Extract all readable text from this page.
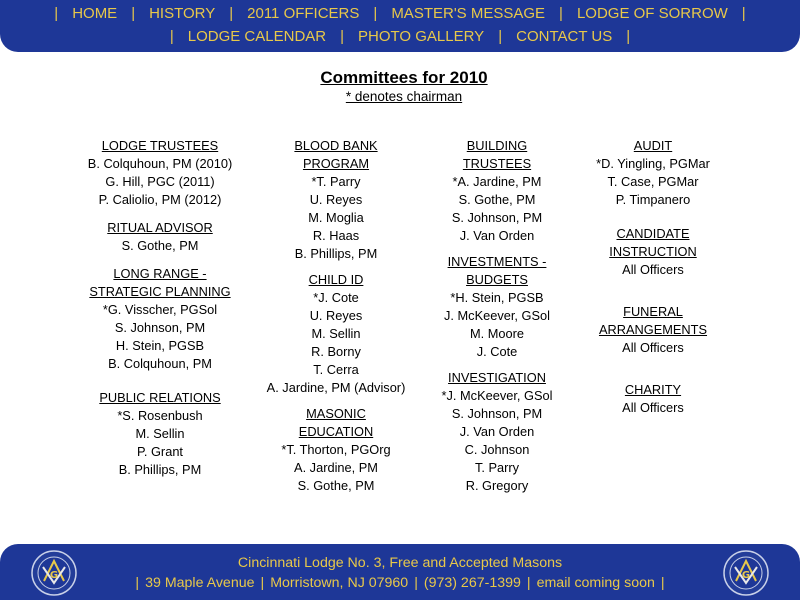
| HOME | HISTORY | 2011 OFFICERS | MASTER'S MESSAGE | LODGE OF SORROW |
| LODGE CALENDAR | PHOTO GALLERY | CONTACT US |
Committees for 2010
* denotes chairman
LODGE TRUSTEES
B. Colquhoun, PM (2010)
G. Hill, PGC (2011)
P. Caliolio, PM (2012)
RITUAL ADVISOR
S. Gothe, PM
LONG RANGE -
STRATEGIC PLANNING
*G. Visscher, PGSol
S. Johnson, PM
H. Stein, PGSB
B. Colquhoun, PM
PUBLIC RELATIONS
*S. Rosenbush
M. Sellin
P. Grant
B. Phillips, PM
BLOOD BANK
PROGRAM
*T. Parry
U. Reyes
M. Moglia
R. Haas
B. Phillips, PM
CHILD ID
*J. Cote
U. Reyes
M. Sellin
R. Borny
T. Cerra
A. Jardine, PM (Advisor)
MASONIC
EDUCATION
*T. Thorton, PGOrg
A. Jardine, PM
S. Gothe, PM
BUILDING
TRUSTEES
*A. Jardine, PM
S. Gothe, PM
S. Johnson, PM
J. Van Orden
INVESTMENTS -
BUDGETS
*H. Stein, PGSB
J. McKeever, GSol
M. Moore
J. Cote
INVESTIGATION
*J. McKeever, GSol
S. Johnson, PM
J. Van Orden
C. Johnson
T. Parry
R. Gregory
AUDIT
*D. Yingling, PGMar
T. Case, PGMar
P. Timpanero
CANDIDATE
INSTRUCTION
All Officers
FUNERAL
ARRANGEMENTS
All Officers
CHARITY
All Officers
G
Cincinnati Lodge No. 3, Free and Accepted Masons
| 39 Maple Avenue | Morristown, NJ 07960 | (973) 267-1399 | email coming soon |	G
